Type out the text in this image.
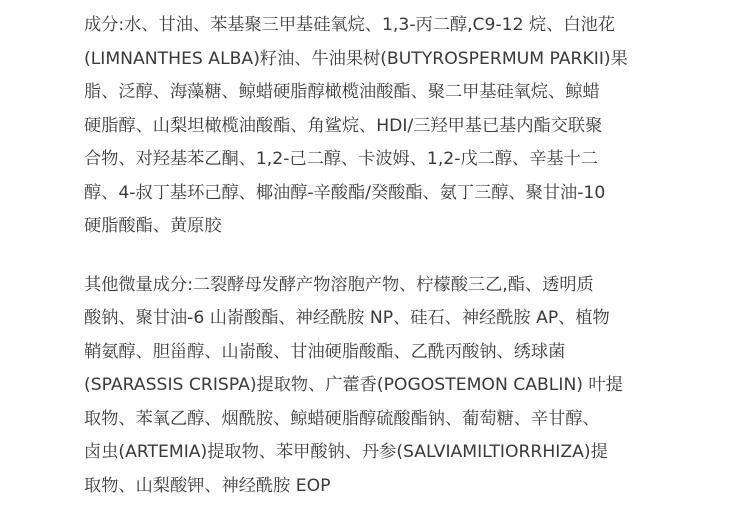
成分:水、甘油、苯基聚三甲基硅氧烷、1,3-丙二醇,C9-12 烷、白池花
(LIMNANTHES ALBA)籽油、牛油果树(BUTYROSPERMUM PARKII)果
脂、泛醇、海藻糖、鲸蜡硬脂醇橄榄油酸酯、聚二甲基硅氧烷、鲸蜡
硬脂醇、山梨坦橄榄油酸酯、角鲨烷、HDI/三羟甲基已基内酯交联聚
合物、对羟基苯乙酮、1,2-己二醇、卡波姆、1,2-戊二醇、辛基十二
醇、4-叔丁基环己醇、椰油醇-辛酸酯/癸酸酯、氨丁三醇、聚甘油-10
硬脂酸酯、黄原胶
其他微量成分:二裂酵母发酵产物溶胞产物、柠檬酸三乙,酯、透明质
酸钠、聚甘油-6 山嵛酸酯、神经酰胺 NP、硅石、神经酰胺 AP、植物
鞘氨醇、胆甾醇、山嵛酸、甘油硬脂酸酯、乙酰丙酸钠、绣球菌
(SPARASSIS CRISPA)提取物、广藿香(POGOSTEMON CABLIN) 叶提
取物、苯氧乙醇、烟酰胺、鲸蜡硬脂醇硫酸酯钠、葡萄糖、辛甘醇、
卤虫(ARTEMIA)提取物、苯甲酸钠、丹参(SALVIAMILTIORRHIZA)提
取物、山梨酸钾、神经酰胺 EOP
